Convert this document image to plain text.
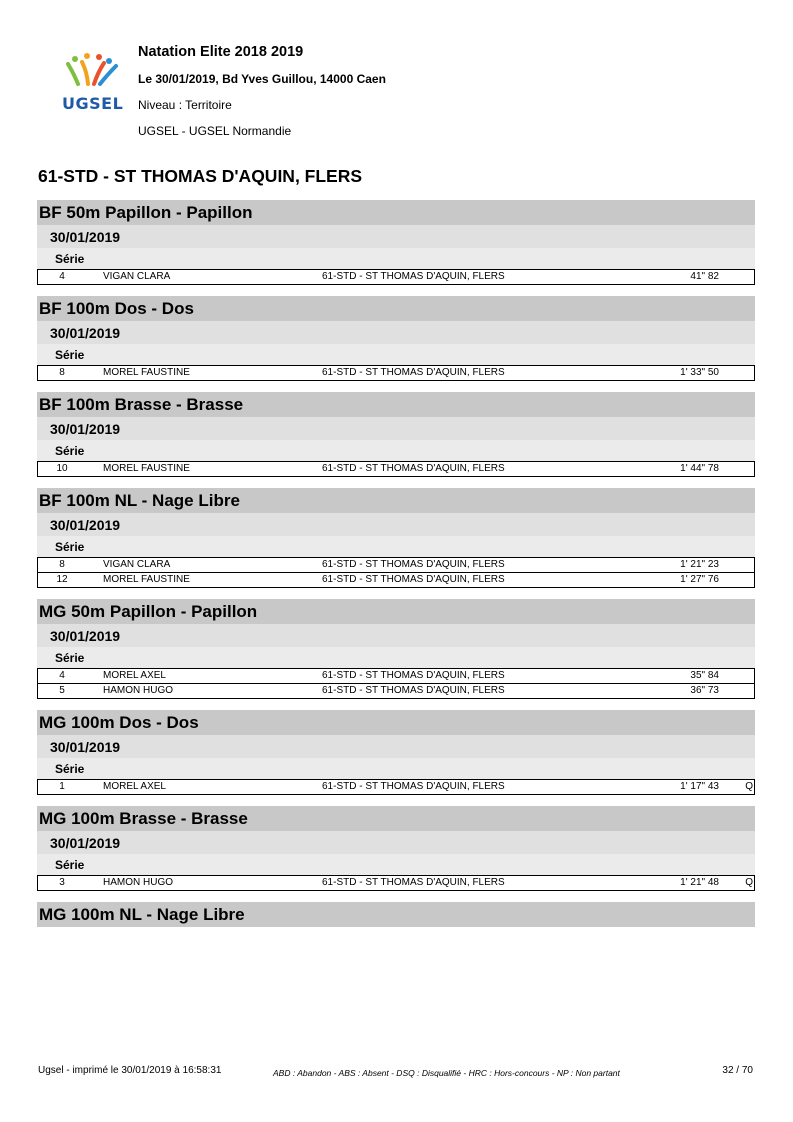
UGSEL
Natation Elite 2018 2019
Le 30/01/2019, Bd Yves Guillou, 14000 Caen
Niveau : Territoire
UGSEL - UGSEL Normandie
61-STD - ST THOMAS D'AQUIN, FLERS
BF 50m Papillon - Papillon
30/01/2019
Série
4	VIGAN CLARA	61-STD - ST THOMAS D'AQUIN, FLERS	41" 82
BF 100m Dos - Dos
30/01/2019
Série
8	MOREL FAUSTINE	61-STD - ST THOMAS D'AQUIN, FLERS	1' 33" 50
BF 100m Brasse - Brasse
30/01/2019
Série
10	MOREL FAUSTINE	61-STD - ST THOMAS D'AQUIN, FLERS	1' 44" 78
BF 100m NL - Nage Libre
30/01/2019
Série
8	VIGAN CLARA	61-STD - ST THOMAS D'AQUIN, FLERS	1' 21" 23
12	MOREL FAUSTINE	61-STD - ST THOMAS D'AQUIN, FLERS	1' 27" 76
MG 50m Papillon - Papillon
30/01/2019
Série
4	MOREL AXEL	61-STD - ST THOMAS D'AQUIN, FLERS	35" 84
5	HAMON HUGO	61-STD - ST THOMAS D'AQUIN, FLERS	36" 73
MG 100m Dos - Dos
30/01/2019
Série
1	MOREL AXEL	61-STD - ST THOMAS D'AQUIN, FLERS	1' 17" 43	Q
MG 100m Brasse - Brasse
30/01/2019
Série
3	HAMON HUGO	61-STD - ST THOMAS D'AQUIN, FLERS	1' 21" 48	Q
MG 100m NL - Nage Libre
Ugsel - imprimé le 30/01/2019 à 16:58:31	ABD : Abandon - ABS : Absent - DSQ : Disqualifié - HRC : Hors-concours - NP : Non partant	32 / 70
